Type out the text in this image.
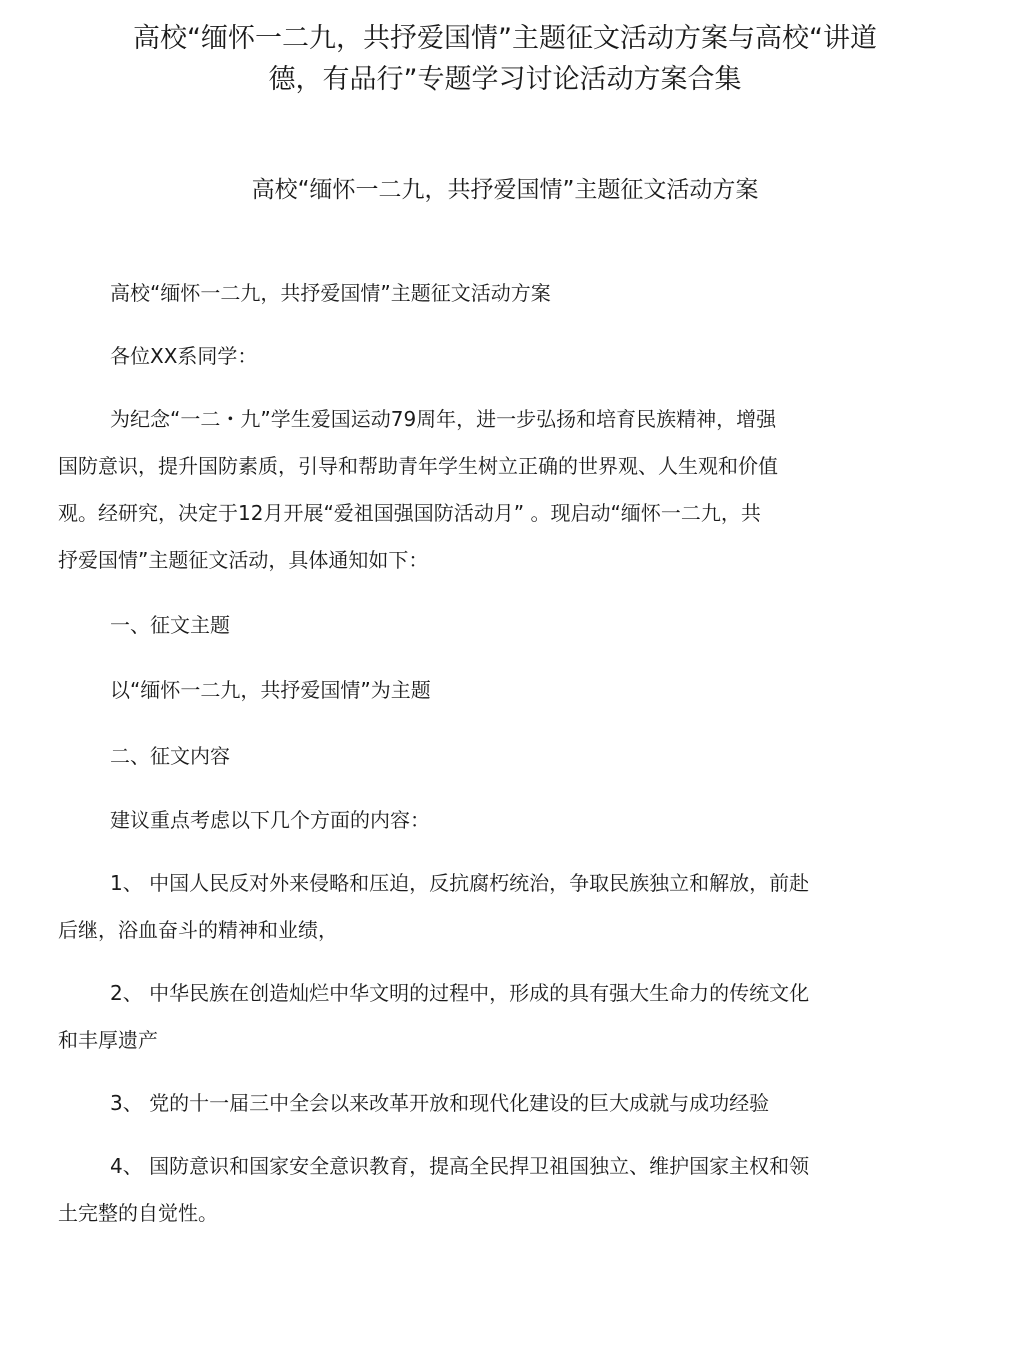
高校“缅怀一二九，共抒爱国情”主题征文活动方案与高校“讲道
德，有品行”专题学习讨论活动方案合集
高校“缅怀一二九，共抒爱国情”主题征文活动方案

高校“缅怀一二九，共抒爱国情”主题征文活动方案

各位XX系同学：

为纪念“一二・九”学生爱国运动79周年，进一步弘扬和培育民族精神，增强
国防意识，提升国防素质，引导和帮助青年学生树立正确的世界观、人生观和价值
观。经研究，决定于12月开展“爱祖国强国防活动月” 。现启动“缅怀一二九，共
抒爱国情”主题征文活动，具体通知如下：

一、征文主题

以“缅怀一二九，共抒爱国情”为主题

二、征文内容

建议重点考虑以下几个方面的内容：

1、 中国人民反对外来侵略和压迫，反抗腐朽统治，争取民族独立和解放，前赴
后继，浴血奋斗的精神和业绩，

2、 中华民族在创造灿烂中华文明的过程中，形成的具有强大生命力的传统文化
和丰厚遗产

3、 党的十一届三中全会以来改革开放和现代化建设的巨大成就与成功经验

4、 国防意识和国家安全意识教育，提高全民捍卫祖国独立、维护国家主权和领
土完整的自觉性。
